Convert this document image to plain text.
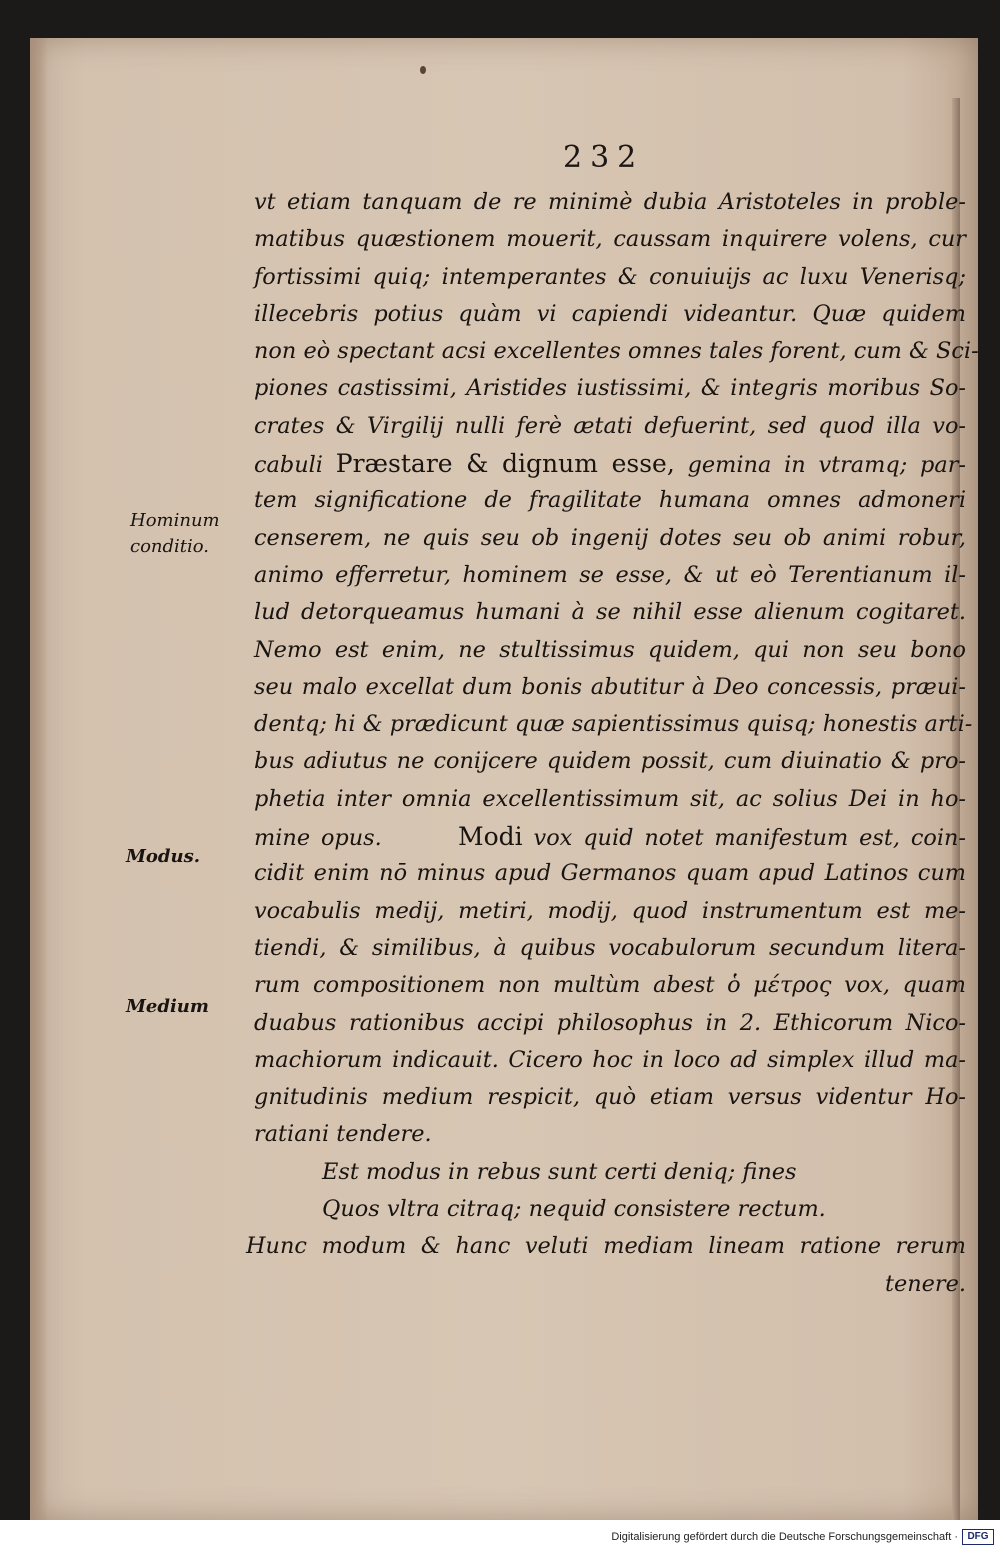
232
Hominum
conditio.
Modus.
Medium
vt etiam tanquam de re minimè dubia Aristoteles in proble-
matibus quæstionem mouerit, caussam inquirere volens, cur
fortissimi quiq; intemperantes & conuiuijs ac luxu Venerisq;
illecebris potius quàm vi capiendi videantur. Quæ quidem
non eò spectant acsi excellentes omnes tales forent, cum & Sci-
piones castissimi, Aristides iustissimi, & integris moribus So-
crates & Virgilij nulli ferè ætati defuerint, sed quod illa vo-
cabuli Præstare & dignum esse, gemina in vtramq; par-
tem significatione de fragilitate humana omnes admoneri
censerem, ne quis seu ob ingenij dotes seu ob animi robur,
animo efferretur, hominem se esse, & ut eò Terentianum il-
lud detorqueamus humani à se nihil esse alienum cogitaret.
Nemo est enim, ne stultissimus quidem, qui non seu bono
seu malo excellat dum bonis abutitur à Deo concessis, præui-
dentq; hi & prædicunt quæ sapientissimus quisq; honestis arti-
bus adiutus ne conijcere quidem possit, cum diuinatio & pro-
phetia inter omnia excellentissimum sit, ac solius Dei in ho-
mine opus.	Modi vox quid notet manifestum est, coin-
cidit enim nō minus apud Germanos quam apud Latinos cum
vocabulis medij, metiri, modij, quod instrumentum est me-
tiendi, & similibus, à quibus vocabulorum secundum litera-
rum compositionem non multùm abest ὁ μέτρος vox, quam
duabus rationibus accipi philosophus in 2. Ethicorum Nico-
machiorum indicauit. Cicero hoc in loco ad simplex illud ma-
gnitudinis medium respicit, quò etiam versus videntur Ho-
ratiani tendere.
Est modus in rebus sunt certi deniq; fines
Quos vltra citraq; nequid consistere rectum.
Hunc modum & hanc veluti mediam lineam ratione rerum
tenere.
Digitalisierung gefördert durch die Deutsche Forschungsgemeinschaft · DFG
